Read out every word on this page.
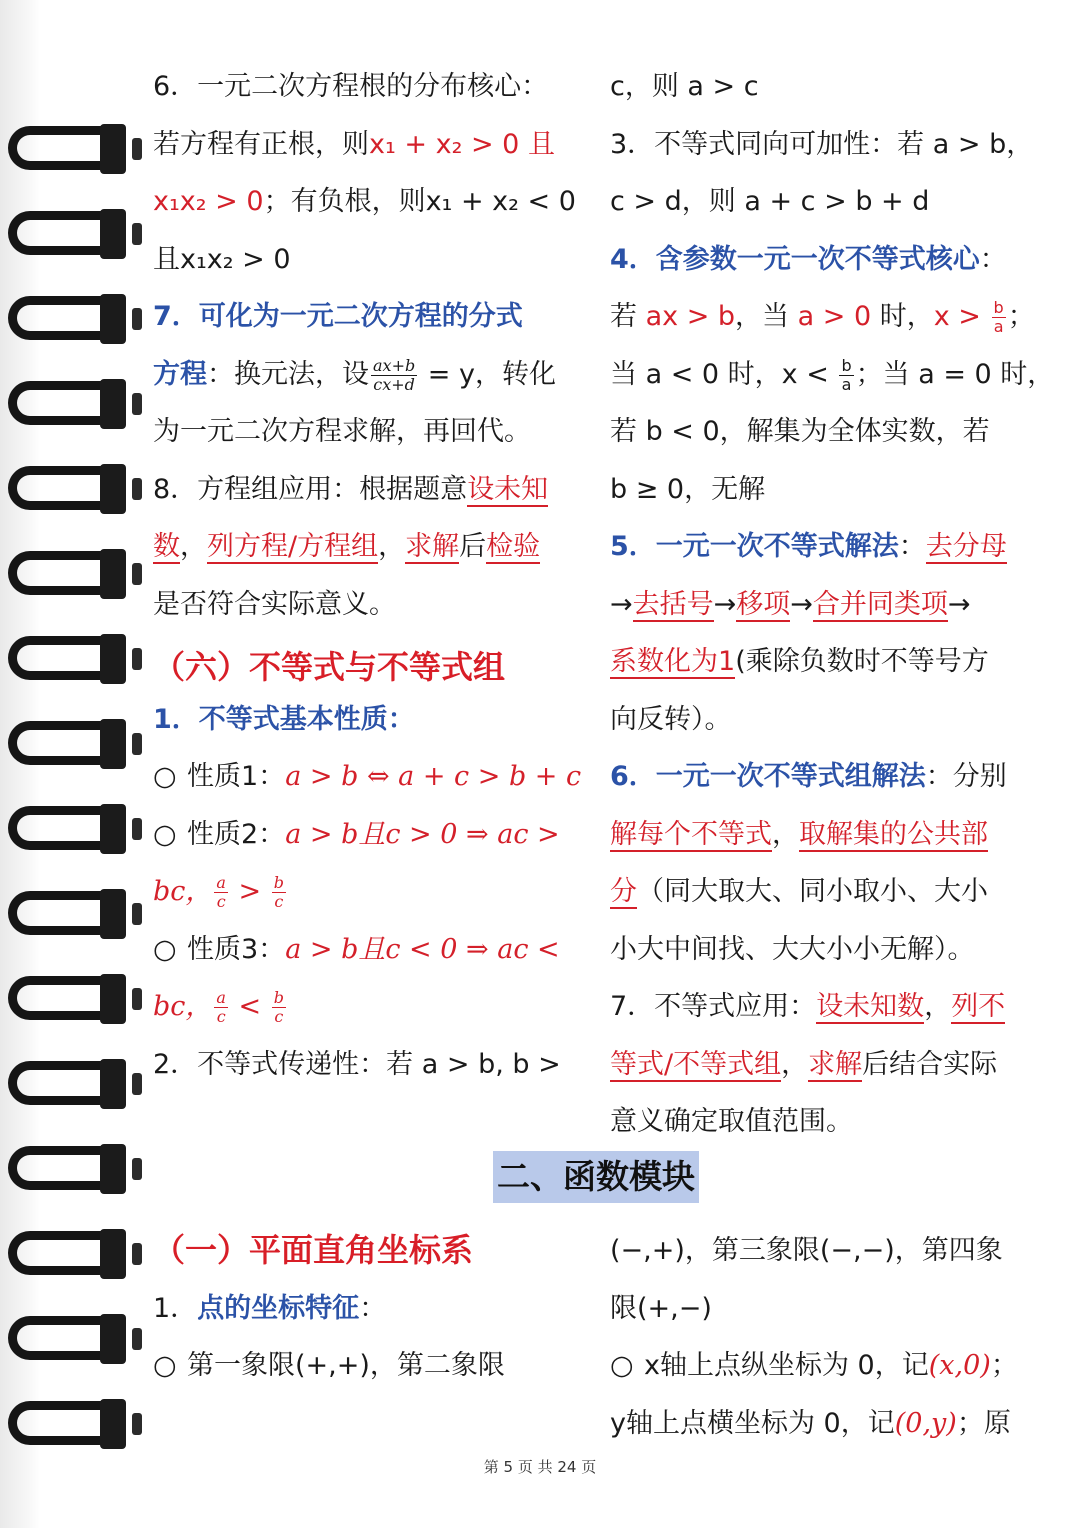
6．一元二次方程根的分布核心：
若方程有正根，则x₁ + x₂ > 0 且
x₁x₂ > 0；有负根，则x₁ + x₂ < 0
且x₁x₂ > 0
7．可化为一元二次方程的分式
方程：换元法，设 $\frac{ax+b}{cx+d} = y$，转化
为一元二次方程求解，再回代。
8．方程组应用：根据题意设未知
数，列方程/方程组，求解后检验
是否符合实际意义。
（六）不等式与不等式组
1．不等式基本性质：
○ 性质1：a > b ⇔ a + c > b + c
○ 性质2：a > b且c > 0 ⇒ ac >
bc， $\frac{a}{c} > \frac{b}{c}$
○ 性质3：a > b且c < 0 ⇒ ac <
bc， $\frac{a}{c} < \frac{b}{c}$
2．不等式传递性：若 a > b, b >
c，则 a > c
3．不等式同向可加性：若 a > b，
c > d，则 a + c > b + d
4．含参数一元一次不等式核心：
若 ax > b，当 a > 0 时，$x > \frac{b}{a}$ ；
当 a < 0 时，$x < \frac{b}{a}$ ；当 a = 0 时，
若 b < 0，解集为全体实数，若
b ≥ 0，无解
5．一元一次不等式解法：去分母
→去括号→移项→合并同类项→
系数化为1(乘除负数时不等号方
向反转）。
6．一元一次不等式组解法：分别
解每个不等式，取解集的公共部
分（同大取大、同小取小、大小
小大中间找、大大小小无解）。
7．不等式应用：设未知数，列不
等式/不等式组，求解后结合实际
意义确定取值范围。
二、函数模块
（一）平面直角坐标系
1．点的坐标特征：
○ 第一象限(+,+)，第二象限
(−,+)，第三象限(−,−)，第四象
限(+,−)
○ x轴上点纵坐标为 0，记(x,0)；
y轴上点横坐标为 0，记(0,y)；原
第 5 页 共 24 页
